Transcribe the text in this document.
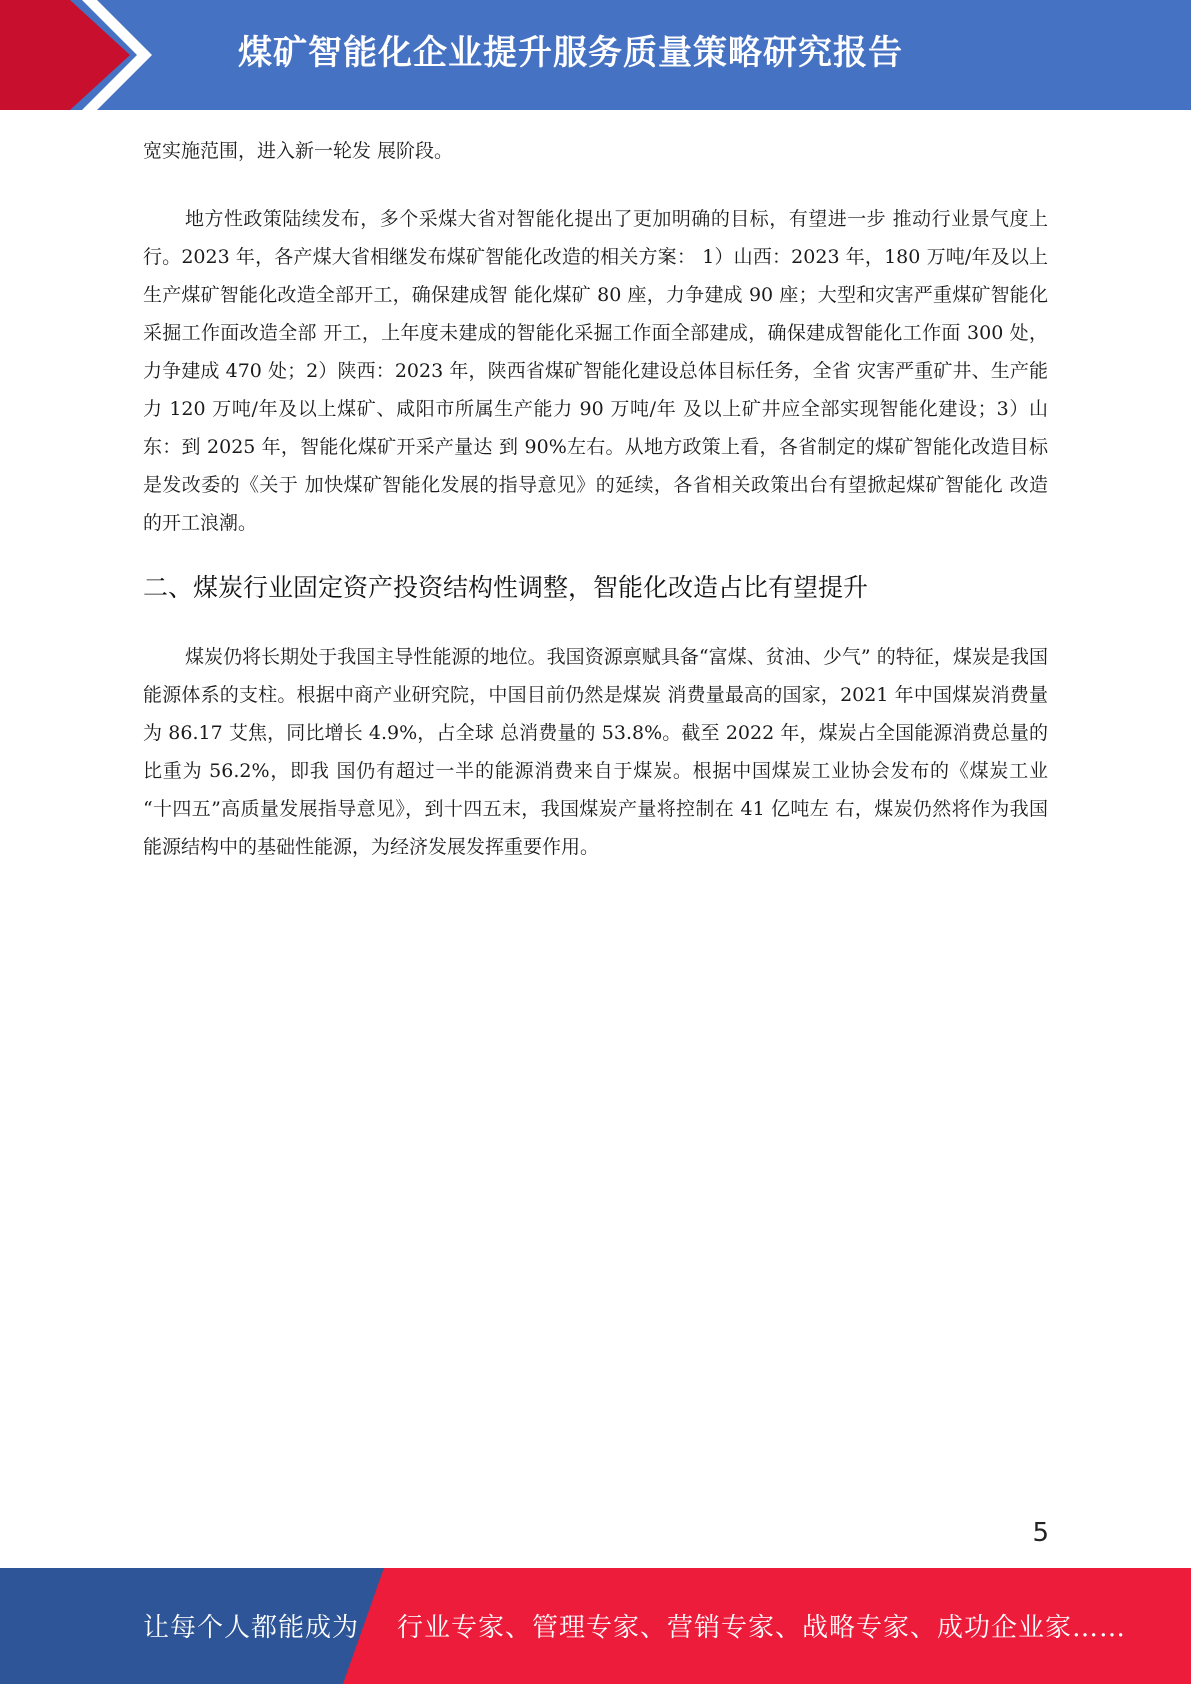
煤矿智能化企业提升服务质量策略研究报告

宽实施范围，进入新一轮发 展阶段。

地方性政策陆续发布，多个采煤大省对智能化提出了更加明确的目标，有望进一步 推动行业景气度上行。2023 年，各产煤大省相继发布煤矿智能化改造的相关方案： 1）山西：2023 年，180 万吨/年及以上生产煤矿智能化改造全部开工，确保建成智 能化煤矿 80 座，力争建成 90 座；大型和灾害严重煤矿智能化采掘工作面改造全部 开工，上年度未建成的智能化采掘工作面全部建成，确保建成智能化工作面 300 处， 力争建成 470 处；2）陕西：2023 年，陕西省煤矿智能化建设总体目标任务，全省 灾害严重矿井、生产能力 120 万吨/年及以上煤矿、咸阳市所属生产能力 90 万吨/年 及以上矿井应全部实现智能化建设；3）山东：到 2025 年，智能化煤矿开采产量达 到 90%左右。从地方政策上看，各省制定的煤矿智能化改造目标是发改委的《关于 加快煤矿智能化发展的指导意见》的延续，各省相关政策出台有望掀起煤矿智能化 改造的开工浪潮。

二、煤炭行业固定资产投资结构性调整，智能化改造占比有望提升

煤炭仍将长期处于我国主导性能源的地位。我国资源禀赋具备“富煤、贫油、少气” 的特征，煤炭是我国能源体系的支柱。根据中商产业研究院，中国目前仍然是煤炭 消费量最高的国家，2021 年中国煤炭消费量为 86.17 艾焦，同比增长 4.9%，占全球 总消费量的 53.8%。截至 2022 年，煤炭占全国能源消费总量的比重为 56.2%，即我 国仍有超过一半的能源消费来自于煤炭。根据中国煤炭工业协会发布的《煤炭工业 “十四五”高质量发展指导意见》，到十四五末，我国煤炭产量将控制在 41 亿吨左 右，煤炭仍然将作为我国能源结构中的基础性能源，为经济发展发挥重要作用。

5
让每个人都能成为 行业专家、管理专家、营销专家、战略专家、成功企业家……
